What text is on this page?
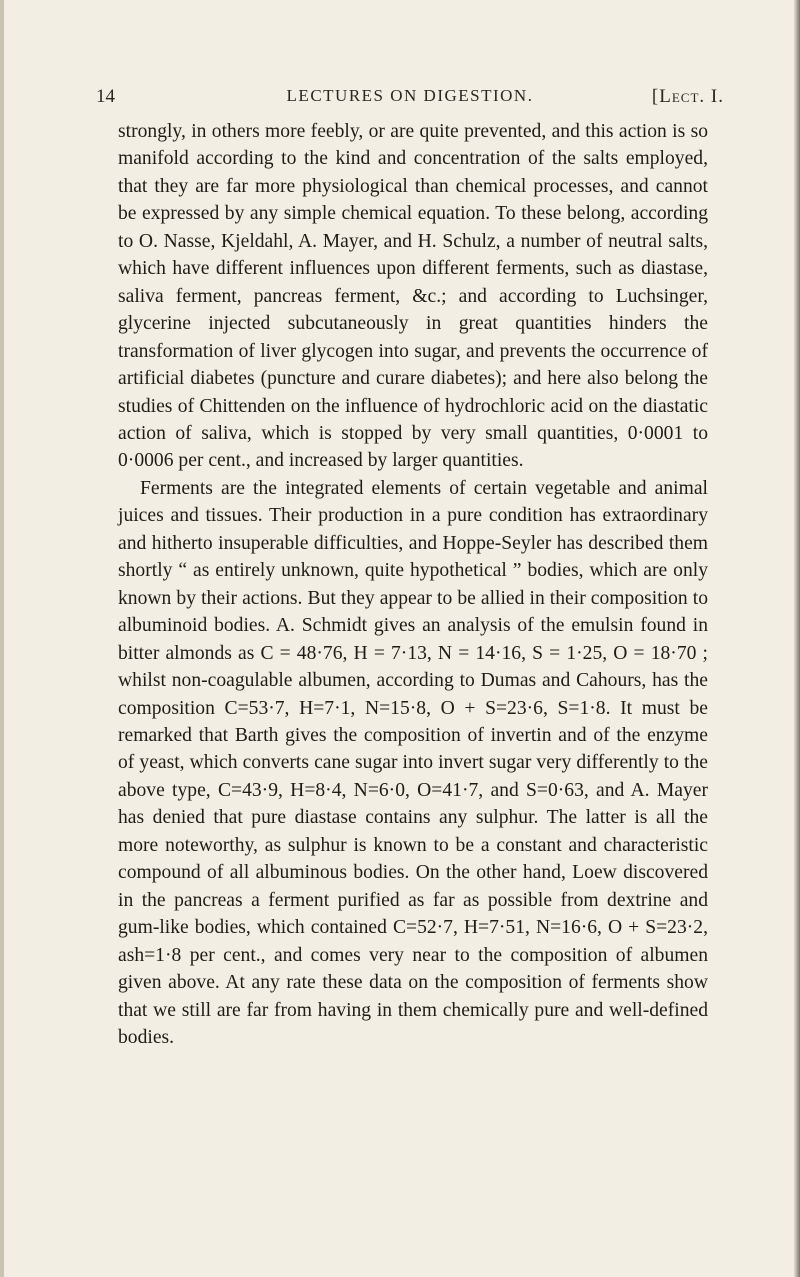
14	LECTURES ON DIGESTION.	[Lect. I.

strongly, in others more feebly, or are quite prevented, and this action is so manifold according to the kind and concentration of the salts employed, that they are far more physiological than chemical processes, and cannot be expressed by any simple chemical equation. To these belong, according to O. Nasse, Kjeldahl, A. Mayer, and H. Schulz, a number of neutral salts, which have different influences upon different ferments, such as diastase, saliva ferment, pancreas ferment, &c.; and according to Luchsinger, glycerine injected subcutaneously in great quantities hinders the transformation of liver glycogen into sugar, and prevents the occurrence of artificial diabetes (puncture and curare diabetes); and here also belong the studies of Chittenden on the influence of hydrochloric acid on the diastatic action of saliva, which is stopped by very small quantities, 0·0001 to 0·0006 per cent., and increased by larger quantities.

Ferments are the integrated elements of certain vegetable and animal juices and tissues. Their production in a pure condition has extraordinary and hitherto insuperable difficulties, and Hoppe-Seyler has described them shortly “ as entirely unknown, quite hypothetical ” bodies, which are only known by their actions. But they appear to be allied in their composition to albuminoid bodies. A. Schmidt gives an analysis of the emulsin found in bitter almonds as C = 48·76, H = 7·13, N = 14·16, S = 1·25, O = 18·70 ; whilst non-coagulable albumen, according to Dumas and Cahours, has the composition C=53·7, H=7·1, N=15·8, O + S=23·6, S=1·8. It must be remarked that Barth gives the composition of invertin and of the enzyme of yeast, which converts cane sugar into invert sugar very differently to the above type, C=43·9, H=8·4, N=6·0, O=41·7, and S=0·63, and A. Mayer has denied that pure diastase contains any sulphur. The latter is all the more noteworthy, as sulphur is known to be a constant and characteristic compound of all albuminous bodies. On the other hand, Loew discovered in the pancreas a ferment purified as far as possible from dextrine and gum-like bodies, which contained C=52·7, H=7·51, N=16·6, O + S=23·2, ash=1·8 per cent., and comes very near to the composition of albumen given above. At any rate these data on the composition of ferments show that we still are far from having in them chemically pure and well-defined bodies.
